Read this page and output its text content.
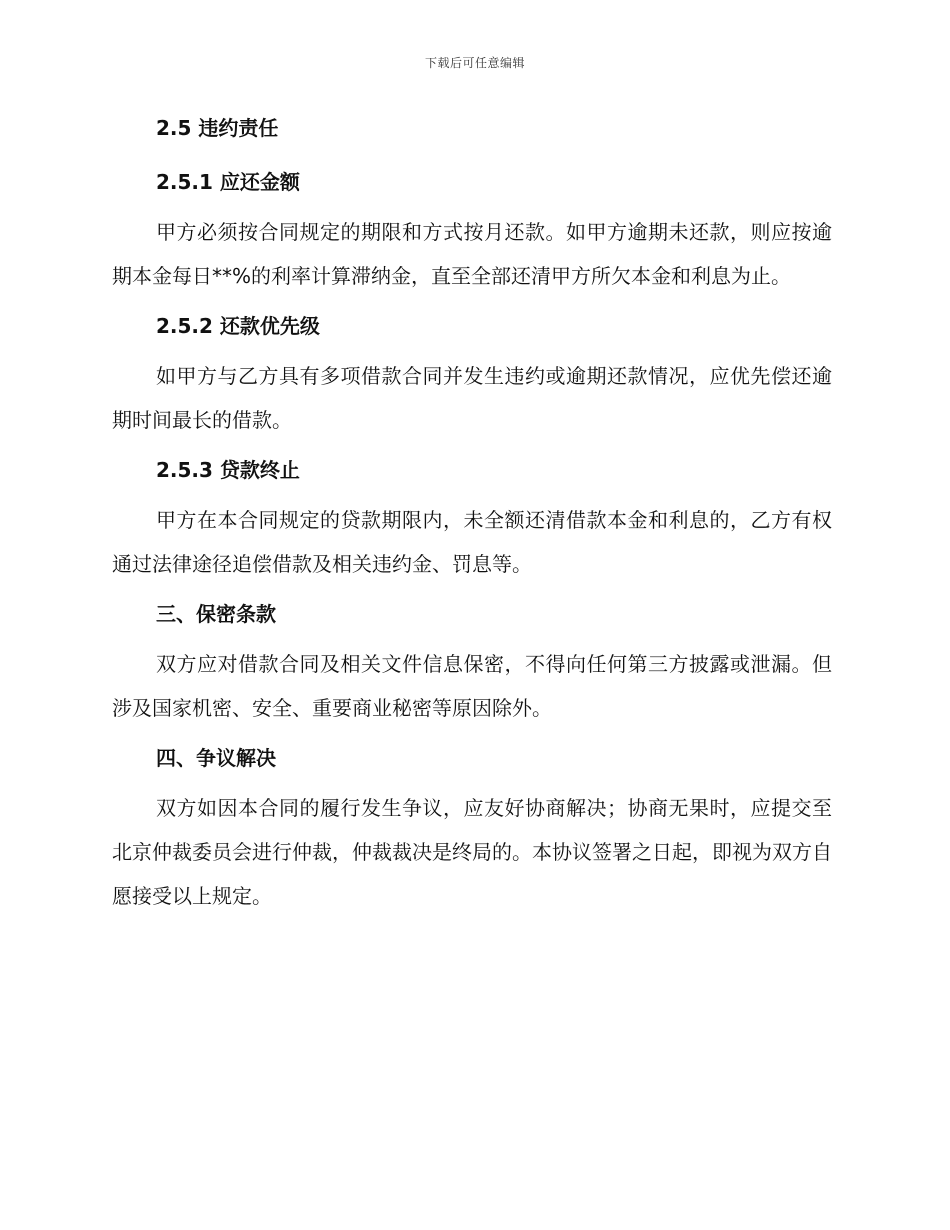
下载后可任意编辑
2.5 违约责任
2.5.1 应还金额

甲方必须按合同规定的期限和方式按月还款。如甲方逾期未还款，则应按逾期本金每日**%的利率计算滞纳金，直至全部还清甲方所欠本金和利息为止。

2.5.2 还款优先级

如甲方与乙方具有多项借款合同并发生违约或逾期还款情况，应优先偿还逾期时间最长的借款。

2.5.3 贷款终止

甲方在本合同规定的贷款期限内，未全额还清借款本金和利息的，乙方有权通过法律途径追偿借款及相关违约金、罚息等。

三、保密条款

双方应对借款合同及相关文件信息保密，不得向任何第三方披露或泄漏。但涉及国家机密、安全、重要商业秘密等原因除外。

四、争议解决

双方如因本合同的履行发生争议，应友好协商解决；协商无果时，应提交至北京仲裁委员会进行仲裁，仲裁裁决是终局的。本协议签署之日起，即视为双方自愿接受以上规定。
